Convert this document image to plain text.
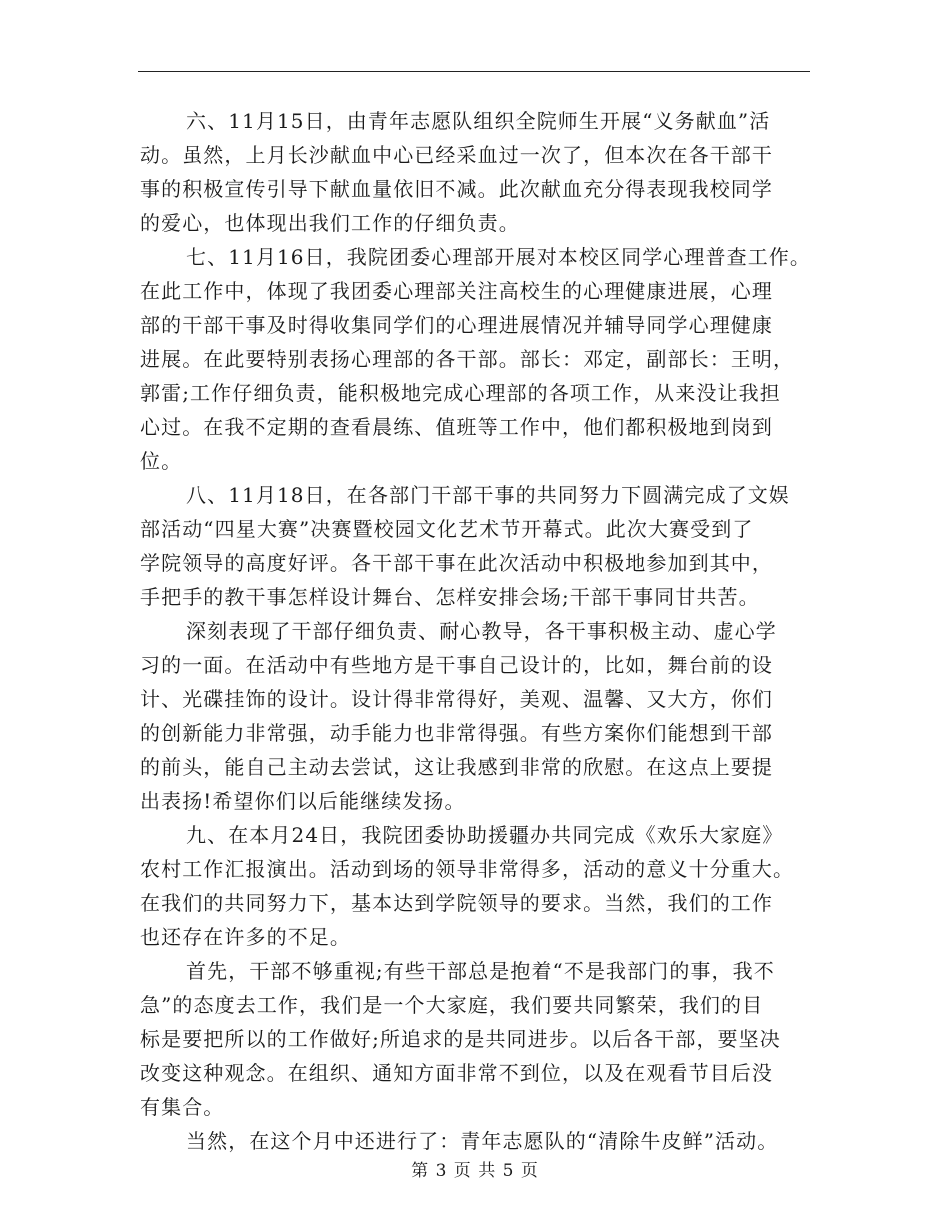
六、11月15日，由青年志愿队组织全院师生开展“义务献血”活
动。虽然，上月长沙献血中心已经采血过一次了，但本次在各干部干
事的积极宣传引导下献血量依旧不减。此次献血充分得表现我校同学
的爱心，也体现出我们工作的仔细负责。
七、11月16日，我院团委心理部开展对本校区同学心理普查工作。
在此工作中，体现了我团委心理部关注高校生的心理健康进展，心理
部的干部干事及时得收集同学们的心理进展情况并辅导同学心理健康
进展。在此要特别表扬心理部的各干部。部长：邓定，副部长：王明，
郭雷;工作仔细负责，能积极地完成心理部的各项工作，从来没让我担
心过。在我不定期的查看晨练、值班等工作中，他们都积极地到岗到
位。
八、11月18日，在各部门干部干事的共同努力下圆满完成了文娱
部活动“四星大赛”决赛暨校园文化艺术节开幕式。此次大赛受到了
学院领导的高度好评。各干部干事在此次活动中积极地参加到其中，
手把手的教干事怎样设计舞台、怎样安排会场;干部干事同甘共苦。
深刻表现了干部仔细负责、耐心教导，各干事积极主动、虚心学
习的一面。在活动中有些地方是干事自己设计的，比如，舞台前的设
计、光碟挂饰的设计。设计得非常得好，美观、温馨、又大方，你们
的创新能力非常强，动手能力也非常得强。有些方案你们能想到干部
的前头，能自己主动去尝试，这让我感到非常的欣慰。在这点上要提
出表扬!希望你们以后能继续发扬。
九、在本月24日，我院团委协助援疆办共同完成《欢乐大家庭》
农村工作汇报演出。活动到场的领导非常得多，活动的意义十分重大。
在我们的共同努力下，基本达到学院领导的要求。当然，我们的工作
也还存在许多的不足。
首先，干部不够重视;有些干部总是抱着“不是我部门的事，我不
急”的态度去工作，我们是一个大家庭，我们要共同繁荣，我们的目
标是要把所以的工作做好;所追求的是共同进步。以后各干部，要坚决
改变这种观念。在组织、通知方面非常不到位，以及在观看节目后没
有集合。
当然，在这个月中还进行了：青年志愿队的“清除牛皮鲜”活动。
第 3 页 共 5 页
